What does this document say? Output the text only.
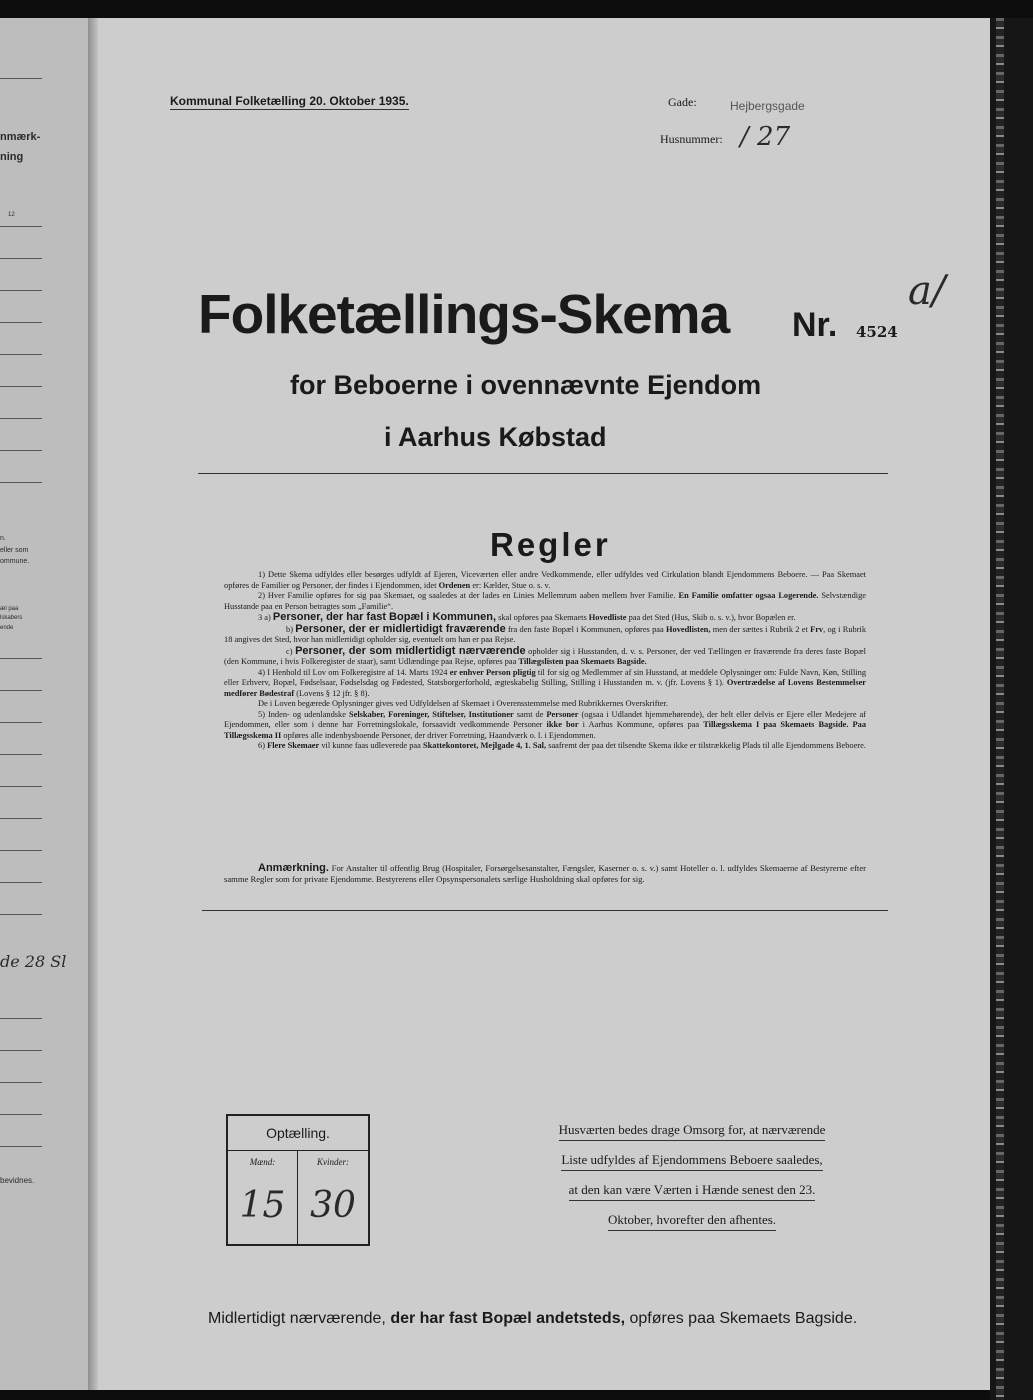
nmærk-
ning
12
n.
eller som
ommune.
æl paa
lskabers
ende
de 28 Sl
bevidnes.
Kommunal Folketælling 20. Oktober 1935.	Gade:	Hejbergsgade
Husnummer: / 27
Folketællings-Skema Nr. 4524
a/
for Beboerne i ovennævnte Ejendom
i Aarhus Købstad
Regler

1) Dette Skema udfyldes eller besørges udfyldt af Ejeren, Viceværten eller andre Vedkommende, eller udfyldes ved Cirkulation blandt Ejendommens Beboere. — Paa Skemaet opføres de Familier og Personer, der findes i Ejendommen, idet Ordenen er: Kælder, Stue o. s. v.

2) Hver Familie opføres for sig paa Skemaet, og saaledes at der lades en Linies Mellemrum aaben mellem hver Familie. En Familie omfatter ogsaa Logerende. Selvstændige Husstande paa en Person betragtes som „Familie“.

3 a) Personer, der har fast Bopæl i Kommunen, skal opføres paa Skemaets Hovedliste paa det Sted (Hus, Skib o. s. v.), hvor Bopælen er.

b) Personer, der er midlertidigt fraværende fra den faste Bopæl i Kommunen, opføres paa Hovedlisten, men der sættes i Rubrik 2 et Frv, og i Rubrik 18 angives det Sted, hvor han midlertidigt opholder sig, eventuelt om han er paa Rejse.

c) Personer, der som midlertidigt nærværende opholder sig i Husstanden, d. v. s. Personer, der ved Tællingen er fraværende fra deres faste Bopæl (den Kommune, i hvis Folkeregister de staar), samt Udlændinge paa Rejse, opføres paa Tillægslisten paa Skemaets Bagside.

4) I Henhold til Lov om Folkeregistre af 14. Marts 1924 er enhver Person pligtig til for sig og Medlemmer af sin Husstand, at meddele Oplysninger om: Fulde Navn, Køn, Stilling eller Erhverv, Bopæl, Fødselsaar, Fødselsdag og Fødested, Statsborgerforhold, ægteskabelig Stilling, Stilling i Husstanden m. v. (jfr. Lovens § 1). Overtrædelse af Lovens Bestemmelser medfører Bødestraf (Lovens § 12 jfr. § 8).

De i Loven begærede Oplysninger gives ved Udfyldelsen af Skemaet i Overensstemmelse med Rubrikkernes Overskrifter.

5) Inden- og udenlandske Selskaber, Foreninger, Stiftelser, Institutioner samt de Personer (ogsaa i Udlandet hjemmehørende), der helt eller delvis er Ejere eller Medejere af Ejendommen, eller som i denne har Forretningslokale, forsaavidt vedkommende Personer ikke bor i Aarhus Kommune, opføres paa Tillægsskema I paa Skemaets Bagside. Paa Tillægsskema II opføres alle indenbysboende Personer, der driver Forretning, Haandværk o. l. i Ejendommen.

6) Flere Skemaer vil kunne faas udleverede paa Skattekontoret, Mejlgade 4, 1. Sal, saafremt der paa det tilsendte Skema ikke er tilstrækkelig Plads til alle Ejendommens Beboere.

Anmærkning. For Anstalter til offentlig Brug (Hospitaler, Forsørgelsesanstalter, Fængsler, Kaserner o. s. v.) samt Hoteller o. l. udfyldes Skemaerne af Bestyrerne efter samme Regler som for private Ejendomme. Bestyrerens eller Opsynspersonalets særlige Husholdning skal opføres for sig.
Optælling.
Mænd:
15
Kvinder:
30
Husværten bedes drage Omsorg for, at nærværende
Liste udfyldes af Ejendommens Beboere saaledes,
at den kan være Værten i Hænde senest den 23.
Oktober, hvorefter den afhentes.
Midlertidigt nærværende, der har fast Bopæl andetsteds, opføres paa Skemaets Bagside.
